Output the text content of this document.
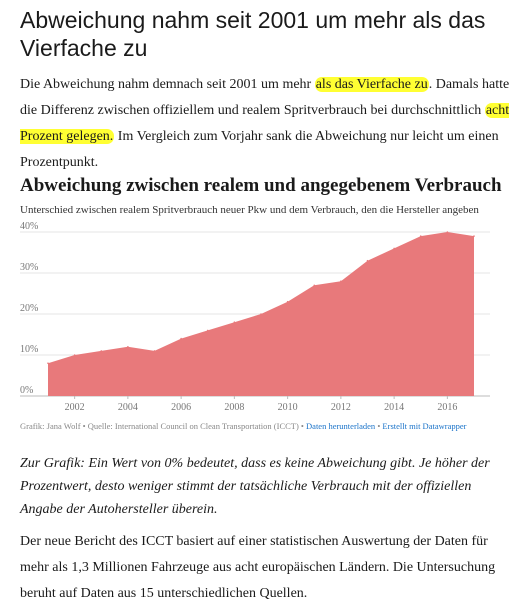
Abweichung nahm seit 2001 um mehr als das Vierfache zu

Die Abweichung nahm demnach seit 2001 um mehr als das Vierfache zu. Damals hatte die Differenz zwischen offiziellem und realem Spritverbrauch bei durchschnittlich acht Prozent gelegen. Im Vergleich zum Vorjahr sank die Abweichung nur leicht um einen Prozentpunkt.

Abweichung zwischen realem und angegebenem Verbrauch
Unterschied zwischen realem Spritverbrauch neuer Pkw und dem Verbrauch, den die Hersteller angeben
0%
10%
20%
30%
40%
2002	2004	2006	2008	2010	2012	2014	2016
Grafik: Jana Wolf • Quelle: International Council on Clean Transportation (ICCT) • Daten herunterladen • Erstellt mit Datawrapper

Zur Grafik: Ein Wert von 0% bedeutet, dass es keine Abweichung gibt. Je höher der Prozentwert, desto weniger stimmt der tatsächliche Verbrauch mit der offiziellen Angabe der Autohersteller überein.

Der neue Bericht des ICCT basiert auf einer statistischen Auswertung der Daten für mehr als 1,3 Millionen Fahrzeuge aus acht europäischen Ländern. Die Untersuchung beruht auf Daten aus 15 unterschiedlichen Quellen.
